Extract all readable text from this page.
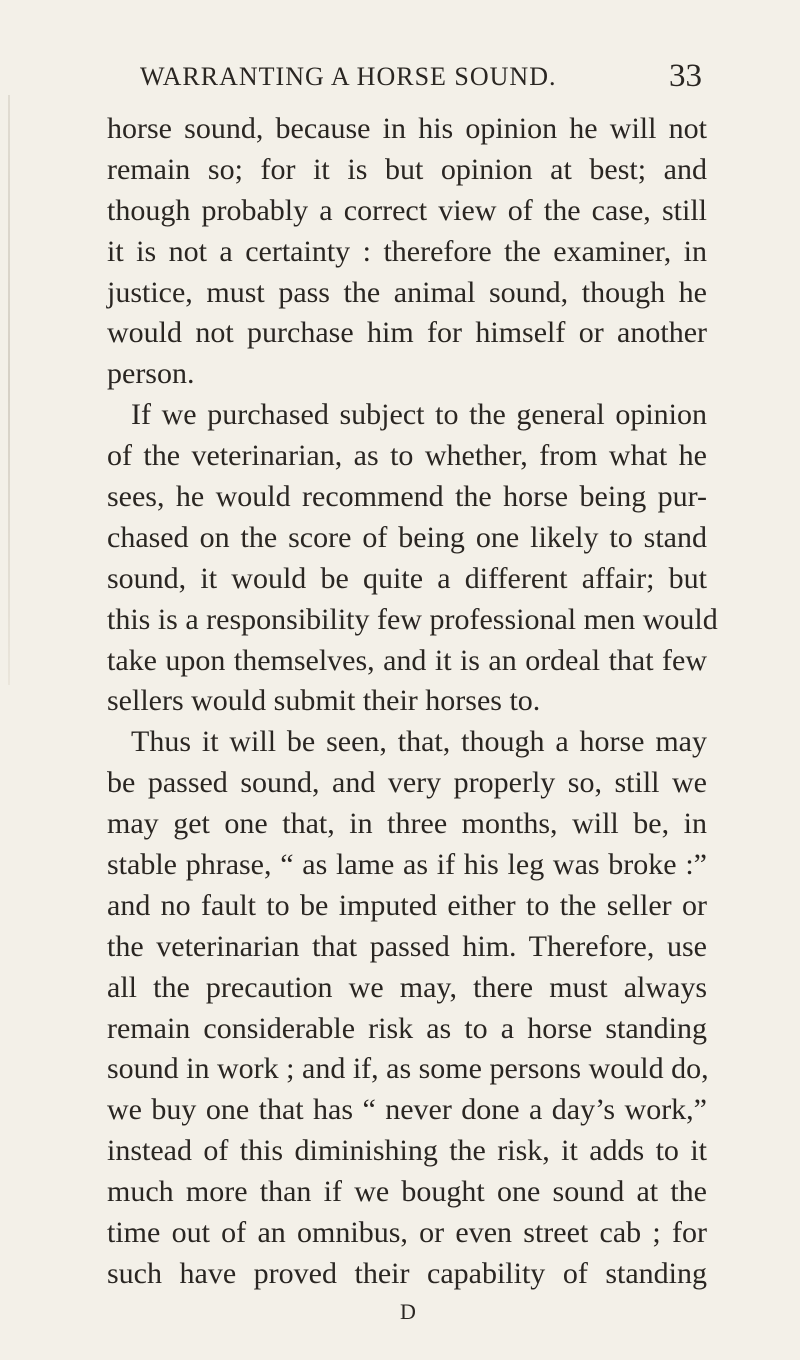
WARRANTING A HORSE SOUND.	33
horse sound, because in his opinion he will not
remain so; for it is but opinion at best; and
though probably a correct view of the case, still
it is not a certainty : therefore the examiner, in
justice, must pass the animal sound, though he
would not purchase him for himself or another
person.
If we purchased subject to the general opinion
of the veterinarian, as to whether, from what he
sees, he would recommend the horse being pur-
chased on the score of being one likely to stand
sound, it would be quite a different affair; but
this is a responsibility few professional men would
take upon themselves, and it is an ordeal that few
sellers would submit their horses to.
Thus it will be seen, that, though a horse may
be passed sound, and very properly so, still we
may get one that, in three months, will be, in
stable phrase, “ as lame as if his leg was broke :”
and no fault to be imputed either to the seller or
the veterinarian that passed him. Therefore, use
all the precaution we may, there must always
remain considerable risk as to a horse standing
sound in work ; and if, as some persons would do,
we buy one that has “ never done a day’s work,”
instead of this diminishing the risk, it adds to it
much more than if we bought one sound at the
time out of an omnibus, or even street cab ; for
such have proved their capability of standing
D
